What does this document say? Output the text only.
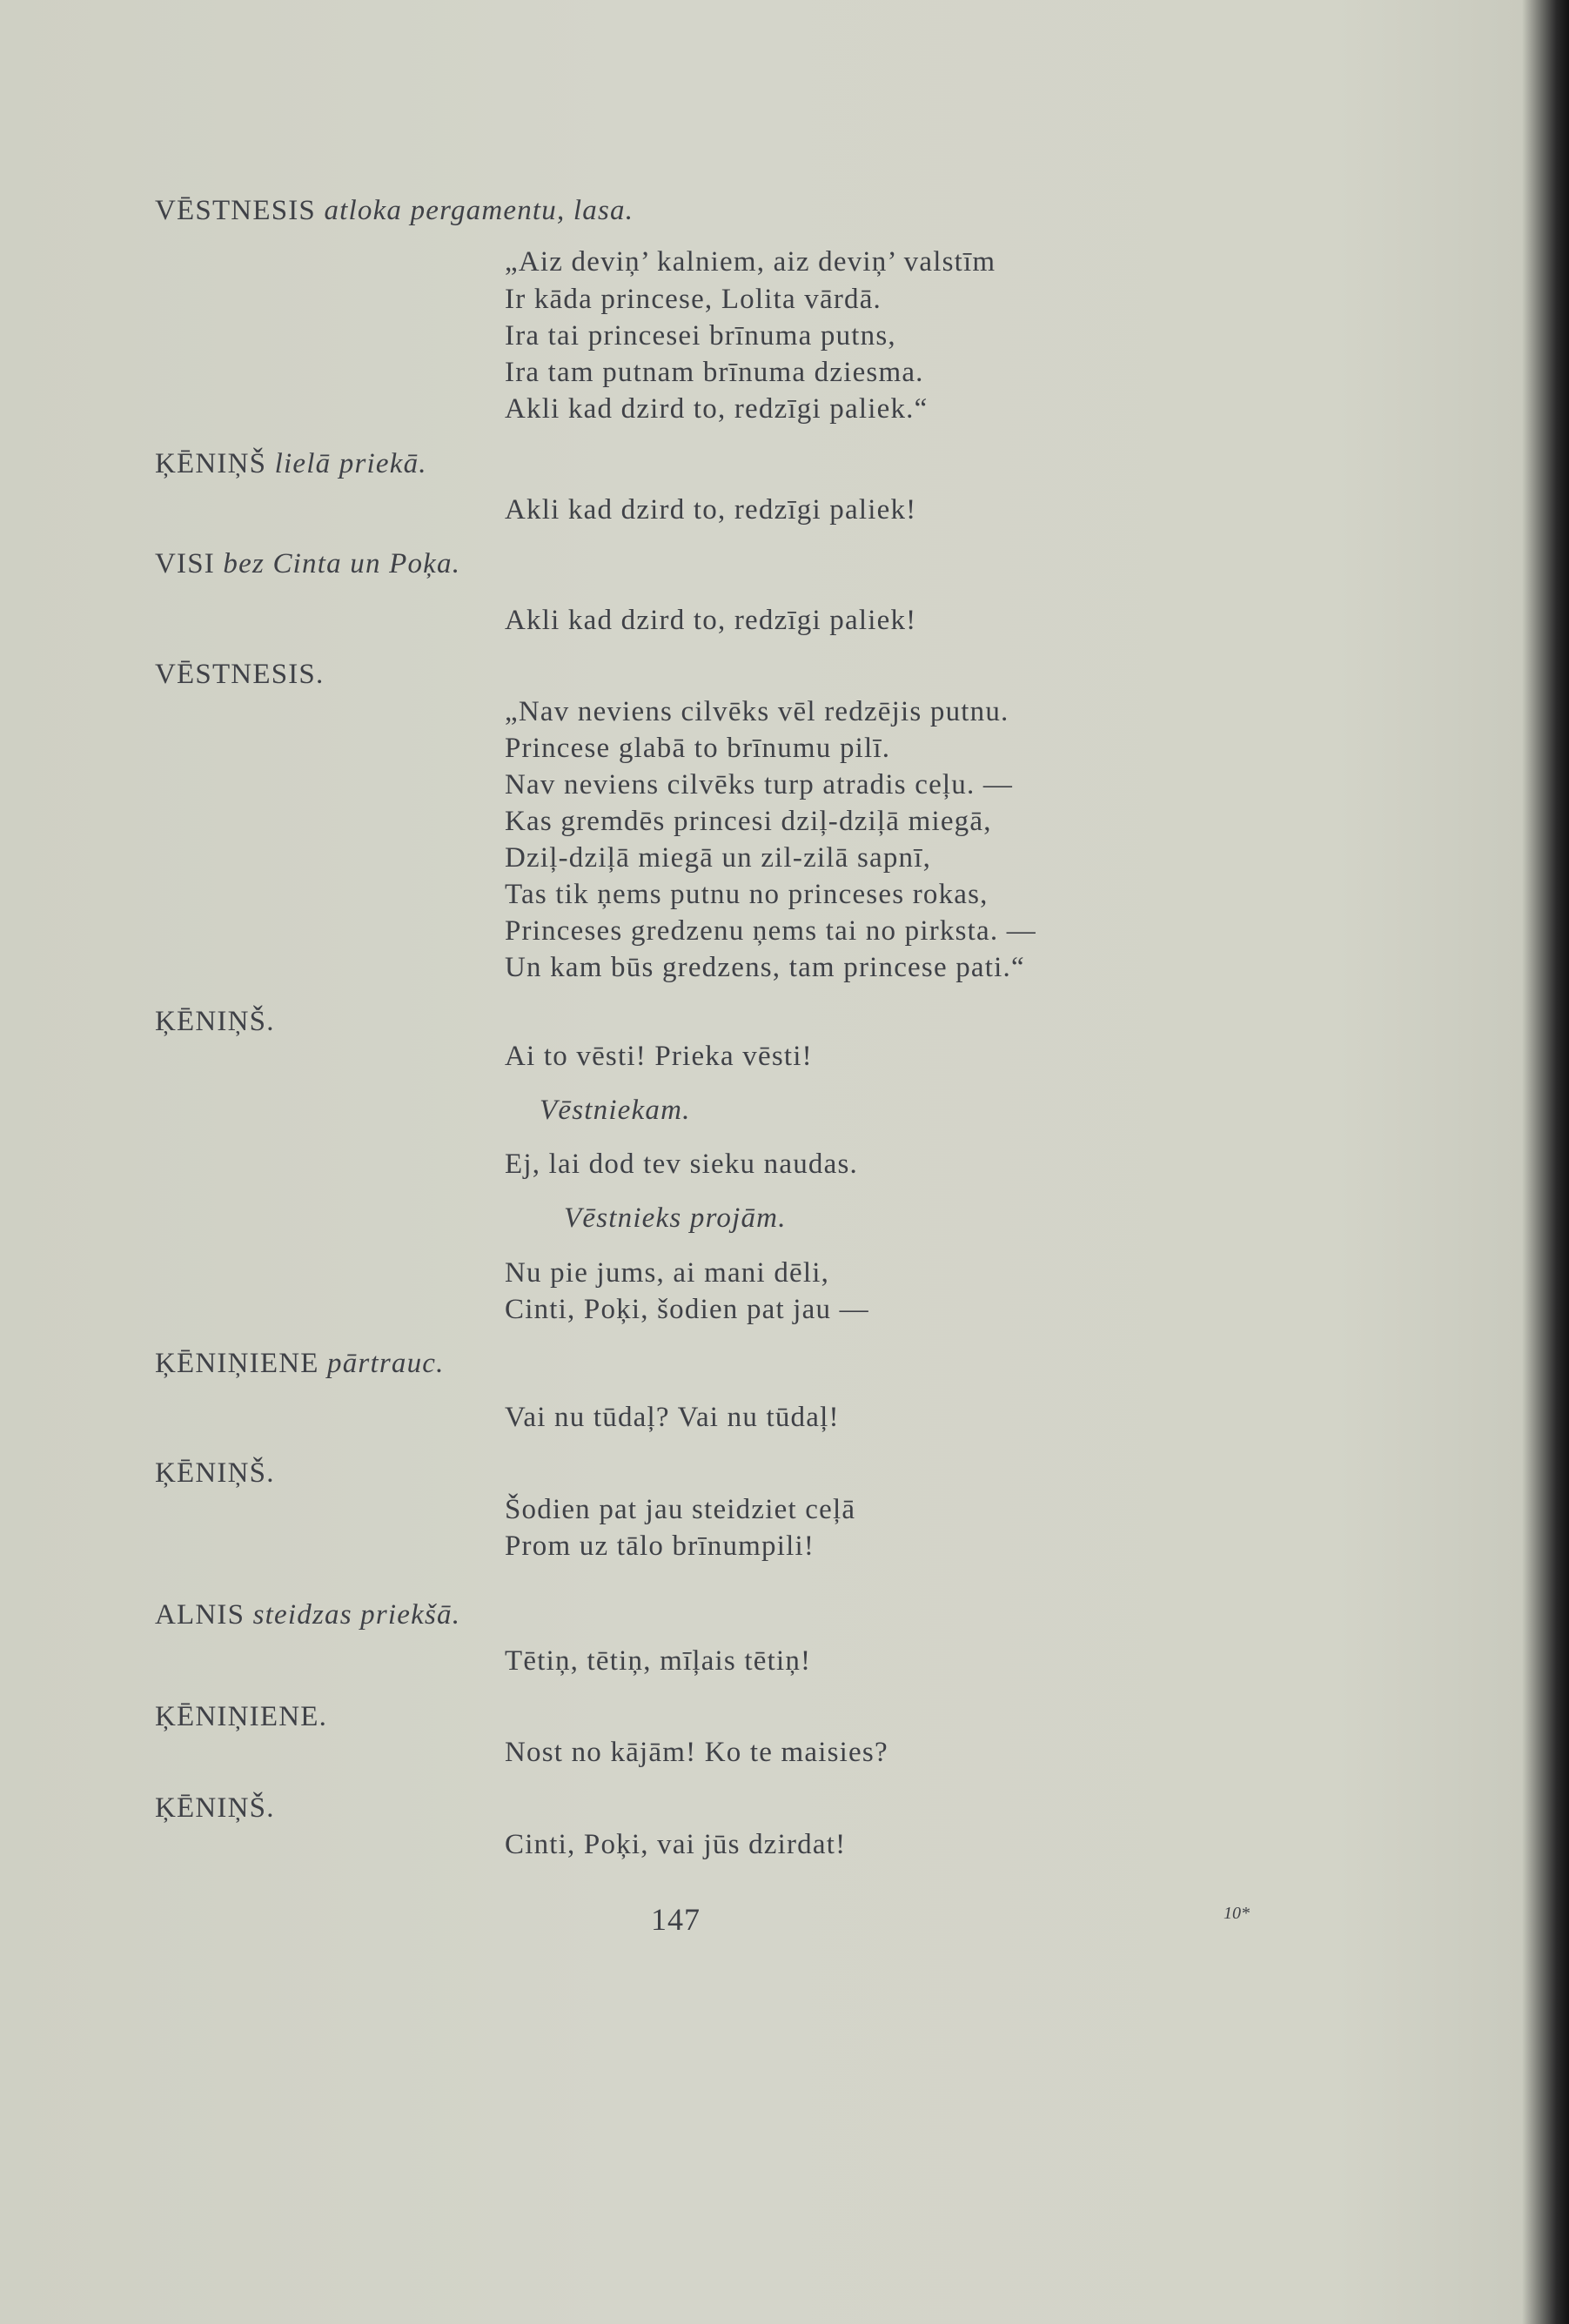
VĒSTNESIS atloka pergamentu, lasa.
„Aiz deviņ’ kalniem, aiz deviņ’ valstīm
Ir kāda princese, Lolita vārdā.
Ira tai princesei brīnuma putns,
Ira tam putnam brīnuma dziesma.
Akli kad dzird to, redzīgi paliek.“
ĶĒNIŅŠ lielā priekā.
Akli kad dzird to, redzīgi paliek!
VISI bez Cinta un Poķa.
Akli kad dzird to, redzīgi paliek!
VĒSTNESIS.
„Nav neviens cilvēks vēl redzējis putnu.
Princese glabā to brīnumu pilī.
Nav neviens cilvēks turp atradis ceļu. —
Kas gremdēs princesi dziļ-dziļā miegā,
Dziļ-dziļā miegā un zil-zilā sapnī,
Tas tik ņems putnu no princeses rokas,
Princeses gredzenu ņems tai no pirksta. —
Un kam būs gredzens, tam princese pati.“
ĶĒNIŅŠ.
Ai to vēsti! Prieka vēsti!
Vēstniekam.
Ej, lai dod tev sieku naudas.
Vēstnieks projām.
Nu pie jums, ai mani dēli,
Cinti, Poķi, šodien pat jau —
ĶĒNIŅIENE pārtrauc.
Vai nu tūdaļ? Vai nu tūdaļ!
ĶĒNIŅŠ.
Šodien pat jau steidziet ceļā
Prom uz tālo brīnumpili!
ALNIS steidzas priekšā.
Tētiņ, tētiņ, mīļais tētiņ!
ĶĒNIŅIENE.
Nost no kājām! Ko te maisies?
ĶĒNIŅŠ.
Cinti, Poķi, vai jūs dzirdat!
147	10*
